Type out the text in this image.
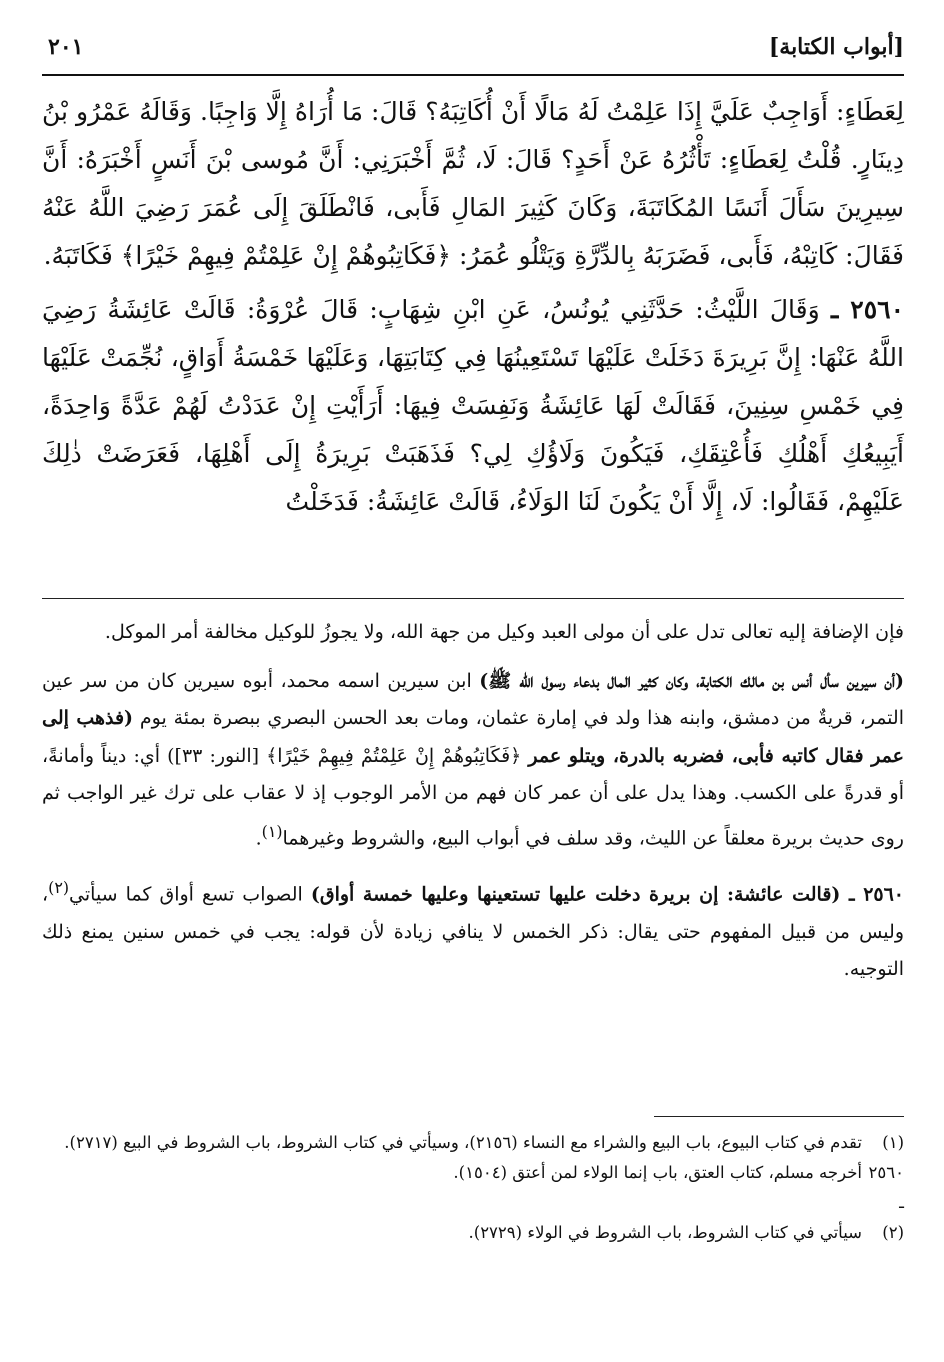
[أبواب الكتابة]
٢٠١

لِعَطَاءٍ: أَوَاجِبٌ عَلَيَّ إِذَا عَلِمْتُ لَهُ مَالًا أَنْ أُكَاتِبَهُ؟ قَالَ: مَا أُرَاهُ إِلَّا وَاجِبًا. وَقَالَهُ عَمْرُو بْنُ دِينَارٍ. قُلْتُ لِعَطَاءٍ: تَأْثُرُهُ عَنْ أَحَدٍ؟ قَالَ: لَا، ثُمَّ أَخْبَرَنِي: أَنَّ مُوسى بْنَ أَنَسٍ أَخْبَرَهُ: أَنَّ سِيرِينَ سَأَلَ أَنَسًا المُكَاتَبَةَ، وَكَانَ كَثِيرَ المَالِ فَأَبى، فَانْطَلَقَ إِلَى عُمَرَ رَضِيَ اللَّهُ عَنْهُ فَقَالَ: كَاتِبْهُ، فَأَبى، فَضَرَبَهُ بِالدِّرَّةِ وَيَتْلُو عُمَرُ: ﴿فَكَاتِبُوهُمْ إِنْ عَلِمْتُمْ فِيهِمْ خَيْرًا﴾ فَكَاتَبَهُ.

٢٥٦٠ ـ وَقَالَ اللَّيْثُ: حَدَّثَنِي يُونُسُ، عَنِ ابْنِ شِهَابٍ: قَالَ عُرْوَةُ: قَالَتْ عَائِشَةُ رَضِيَ اللَّهُ عَنْهَا: إِنَّ بَرِيرَةَ دَخَلَتْ عَلَيْهَا تَسْتَعِينُهَا فِي كِتَابَتِهَا، وَعَلَيْهَا خَمْسَةُ أَوَاقٍ، نُجِّمَتْ عَلَيْهَا فِي خَمْسِ سِنِينَ، فَقَالَتْ لَهَا عَائِشَةُ وَنَفِسَتْ فِيهَا: أَرَأَيْتِ إِنْ عَدَدْتُ لَهُمْ عَدَّةً وَاحِدَةً، أَيَبِيعُكِ أَهْلُكِ فَأُعْتِقَكِ، فَيَكُونَ وَلَاؤُكِ لِي؟ فَذَهَبَتْ بَرِيرَةُ إِلَى أَهْلِهَا، فَعَرَضَتْ ذٰلِكَ عَلَيْهِمْ، فَقَالُوا: لَا، إِلَّا أَنْ يَكُونَ لَنَا الوَلَاءُ، قَالَتْ عَائِشَةُ: فَدَخَلْتُ

فإن الإضافة إليه تعالى تدل على أن مولى العبد وكيل من جهة الله، ولا يجوزُ للوكيل مخالفة أمر الموكل.

(أن سيرين سأل أنس بن مالك الكتابة، وكان كثير المال بدعاء رسول الله ﷺ) ابن سيرين اسمه محمد، أبوه سيرين كان من سر عين التمر، قريةٌ من دمشق، وابنه هذا ولد في إمارة عثمان، ومات بعد الحسن البصري ببصرة بمئة يوم (فذهب إلى عمر فقال كاتبه فأبى، فضربه بالدرة، ويتلو عمر ﴿فَكَاتِبُوهُمْ إِنْ عَلِمْتُمْ فِيهِمْ خَيْرًا﴾ [النور: ٣٣]) أي: ديناً وأمانةً، أو قدرةً على الكسب. وهذا يدل على أن عمر كان فهم من الأمر الوجوب إذ لا عقاب على ترك غير الواجب ثم روى حديث بريرة معلقاً عن الليث، وقد سلف في أبواب البيع، والشروط وغيرهما$^{(١)}$.

٢٥٦٠ ـ (قالت عائشة: إن بريرة دخلت عليها تستعينها وعليها خمسة أواق) الصواب تسع أواق كما سيأتي$^{(٢)}$، وليس من قبيل المفهوم حتى يقال: ذكر الخمس لا ينافي زيادة لأن قوله: يجب في خمس سنين يمنع ذلك التوجيه.

(١)
تقدم في كتاب البيوع، باب البيع والشراء مع النساء (٢١٥٦)، وسيأتي في كتاب الشروط، باب الشروط في البيع (٢٧١٧).
٢٥٦٠ ـ
أخرجه مسلم، كتاب العتق، باب إنما الولاء لمن أعتق (١٥٠٤).
(٢)
سيأتي في كتاب الشروط، باب الشروط في الولاء (٢٧٢٩).
